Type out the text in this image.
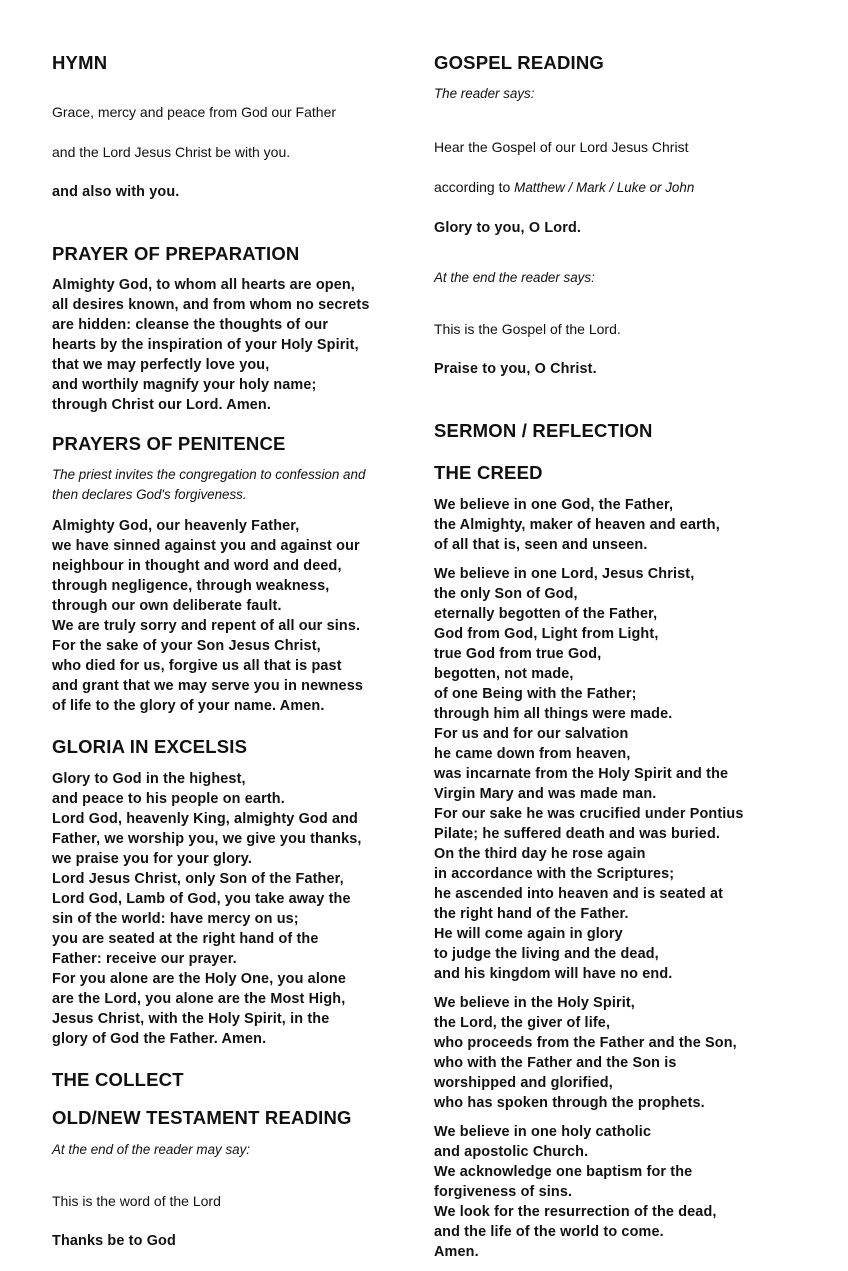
HYMN

Grace, mercy and peace from God our Father

and the Lord Jesus Christ be with you.

and also with you.

PRAYER OF PREPARATION

Almighty God, to whom all hearts are open,
all desires known, and from whom no secrets
are hidden: cleanse the thoughts of our
hearts by the inspiration of your Holy Spirit,
that we may perfectly love you,
and worthily magnify your holy name;
through Christ our Lord. Amen.

PRAYERS OF PENITENCE

The priest invites the congregation to confession and
then declares God's forgiveness.

Almighty God, our heavenly Father,
we have sinned against you and against our
neighbour in thought and word and deed,
through negligence, through weakness,
through our own deliberate fault.
We are truly sorry and repent of all our sins.
For the sake of your Son Jesus Christ,
who died for us, forgive us all that is past
and grant that we may serve you in newness
of life to the glory of your name. Amen.

GLORIA IN EXCELSIS

Glory to God in the highest,
and peace to his people on earth.
Lord God, heavenly King, almighty God and
Father, we worship you, we give you thanks,
we praise you for your glory.
Lord Jesus Christ, only Son of the Father,
Lord God, Lamb of God, you take away the
sin of the world: have mercy on us;
you are seated at the right hand of the
Father: receive our prayer.
For you alone are the Holy One, you alone
are the Lord, you alone are the Most High,
Jesus Christ, with the Holy Spirit, in the
glory of God the Father. Amen.

THE COLLECT
OLD/NEW TESTAMENT READING

At the end of the reader may say:

This is the word of the Lord

Thanks be to God

GOSPEL READING

The reader says:

Hear the Gospel of our Lord Jesus Christ

according to Matthew / Mark / Luke or John

Glory to you, O Lord.

At the end the reader says:

This is the Gospel of the Lord.

Praise to you, O Christ.

SERMON / REFLECTION
THE CREED

We believe in one God, the Father,
the Almighty, maker of heaven and earth,
of all that is, seen and unseen.

We believe in one Lord, Jesus Christ,
the only Son of God,
eternally begotten of the Father,
God from God, Light from Light,
true God from true God,
begotten, not made,
of one Being with the Father;
through him all things were made.
For us and for our salvation
he came down from heaven,
was incarnate from the Holy Spirit and the
Virgin Mary and was made man.
For our sake he was crucified under Pontius
Pilate; he suffered death and was buried.
On the third day he rose again
in accordance with the Scriptures;
he ascended into heaven and is seated at
the right hand of the Father.
He will come again in glory
to judge the living and the dead,
and his kingdom will have no end.

We believe in the Holy Spirit,
the Lord, the giver of life,
who proceeds from the Father and the Son,
who with the Father and the Son is
worshipped and glorified,
who has spoken through the prophets.

We believe in one holy catholic
and apostolic Church.
We acknowledge one baptism for the
forgiveness of sins.
We look for the resurrection of the dead,
and the life of the world to come.
Amen.
